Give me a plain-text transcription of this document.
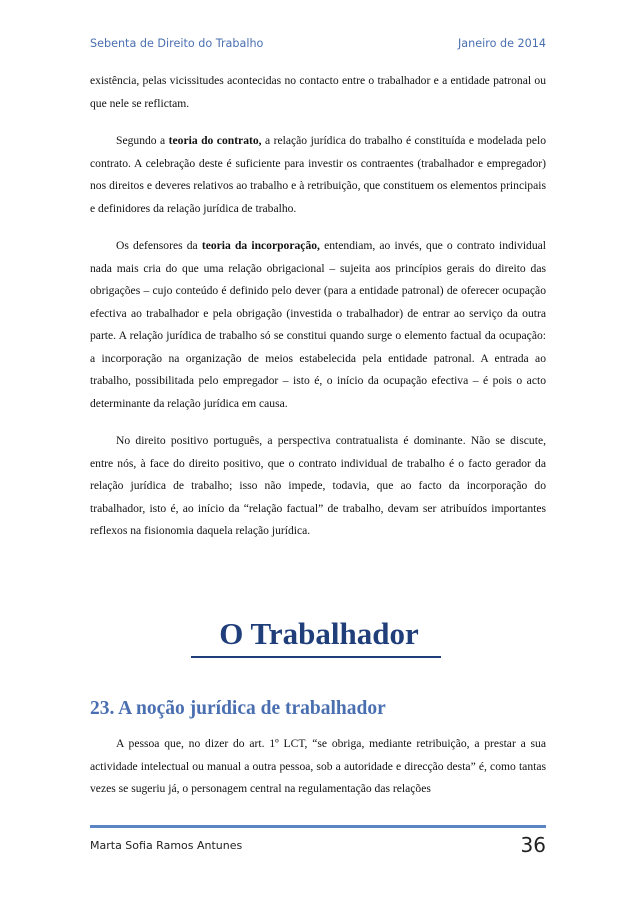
Sebenta de Direito do Trabalho	Janeiro de 2014

existência, pelas vicissitudes acontecidas no contacto entre o trabalhador e a entidade patronal ou que nele se reflictam.

Segundo a teoria do contrato, a relação jurídica do trabalho é constituída e modelada pelo contrato. A celebração deste é suficiente para investir os contraentes (trabalhador e empregador) nos direitos e deveres relativos ao trabalho e à retribuição, que constituem os elementos principais e definidores da relação jurídica de trabalho.

Os defensores da teoria da incorporação, entendiam, ao invés, que o contrato individual nada mais cria do que uma relação obrigacional – sujeita aos princípios gerais do direito das obrigações – cujo conteúdo é definido pelo dever (para a entidade patronal) de oferecer ocupação efectiva ao trabalhador e pela obrigação (investida o trabalhador) de entrar ao serviço da outra parte. A relação jurídica de trabalho só se constitui quando surge o elemento factual da ocupação: a incorporação na organização de meios estabelecida pela entidade patronal. A entrada ao trabalho, possibilitada pelo empregador – isto é, o início da ocupação efectiva – é pois o acto determinante da relação jurídica em causa.

No direito positivo português, a perspectiva contratualista é dominante. Não se discute, entre nós, à face do direito positivo, que o contrato individual de trabalho é o facto gerador da relação jurídica de trabalho; isso não impede, todavia, que ao facto da incorporação do trabalhador, isto é, ao início da “relação factual” de trabalho, devam ser atribuídos importantes reflexos na fisionomia daquela relação jurídica.

O Trabalhador
23. A noção jurídica de trabalhador

A pessoa que, no dizer do art. 1º LCT, “se obriga, mediante retribuição, a prestar a sua actividade intelectual ou manual a outra pessoa, sob a autoridade e direcção desta” é, como tantas vezes se sugeriu já, o personagem central na regulamentação das relações

Marta Sofia Ramos Antunes	36
